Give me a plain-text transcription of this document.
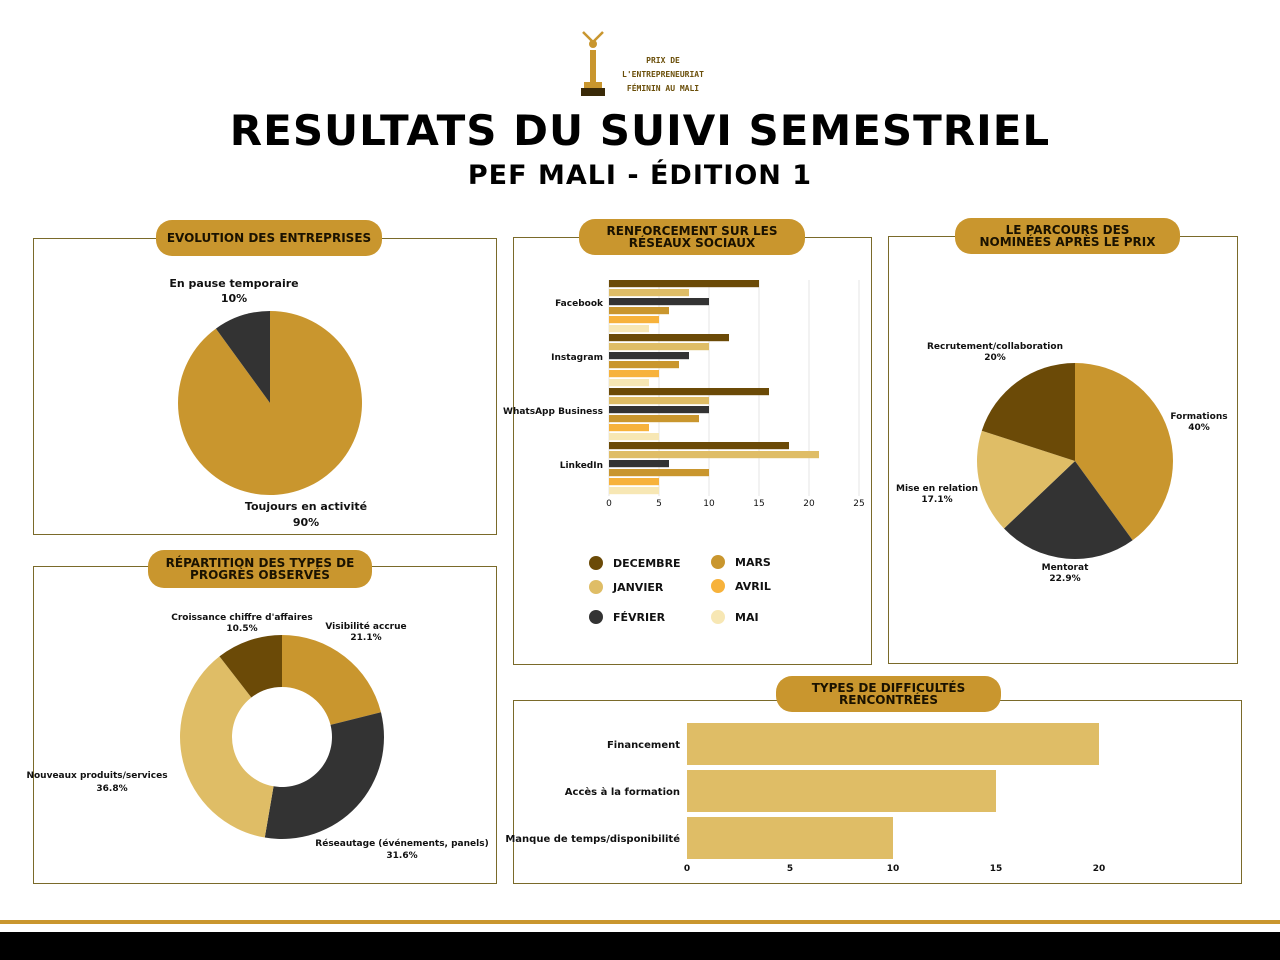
PRIX DE L'ENTREPRENEURIAT
FÉMININ AU MALI
RESULTATS DU SUIVI SEMESTRIEL
PEF MALI - ÉDITION 1
En pause temporaire
10%
Toujours en activité
90%
EVOLUTION DES ENTREPRISES
Croissance chiffre d'affaires
10.5%	Visibilité accrue
21.1%
Nouveaux produits/services
36.8%
Réseautage (événements, panels)
31.6%
RÉPARTITION DES TYPES DE
PROGRÈS OBSERVÉS
0	5	10	15	20	25
Facebook
Instagram
WhatsApp Business
LinkedIn
DECEMBRE
JANVIER
FÉVRIER
MARS
AVRIL
MAI
RENFORCEMENT SUR LES
RÉSEAUX SOCIAUX
Recrutement/collaboration
20%
Formations
40%
Mise en relation
17.1%
Mentorat
22.9%
LE PARCOURS DES
NOMINÉES APRÈS LE PRIX
Financement
Accès à la formation
Manque de temps/disponibilité
0	5	10	15	20
TYPES DE DIFFICULTÉS
RENCONTRÉES
